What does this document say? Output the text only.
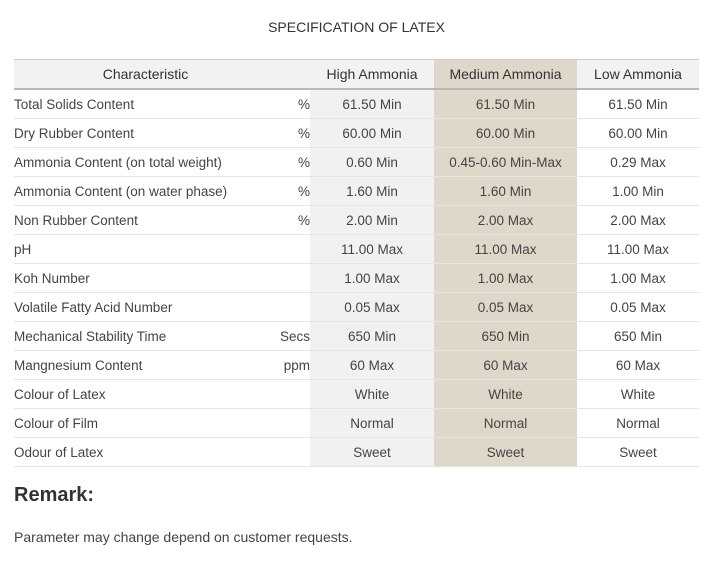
SPECIFICATION OF LATEX
Characteristic		High Ammonia	Medium Ammonia	Low Ammonia
Total Solids Content	%	61.50 Min	61.50 Min	61.50 Min
Dry Rubber Content	%	60.00 Min	60.00 Min	60.00 Min
Ammonia Content (on total weight)	%	0.60 Min	0.45-0.60 Min-Max	0.29 Max
Ammonia Content (on water phase)	%	1.60 Min	1.60 Min	1.00 Min
Non Rubber Content	%	2.00 Min	2.00 Max	2.00 Max
pH		11.00 Max	11.00 Max	11.00 Max
Koh Number		1.00 Max	1.00 Max	1.00 Max
Volatile Fatty Acid Number		0.05 Max	0.05 Max	0.05 Max
Mechanical Stability Time	Secs	650 Min	650 Min	650 Min
Mangnesium Content	ppm	60 Max	60 Max	60 Max
Colour of Latex		White	White	White
Colour of Film		Normal	Normal	Normal
Odour of Latex		Sweet	Sweet	Sweet
Remark:
Parameter may change depend on customer requests.
